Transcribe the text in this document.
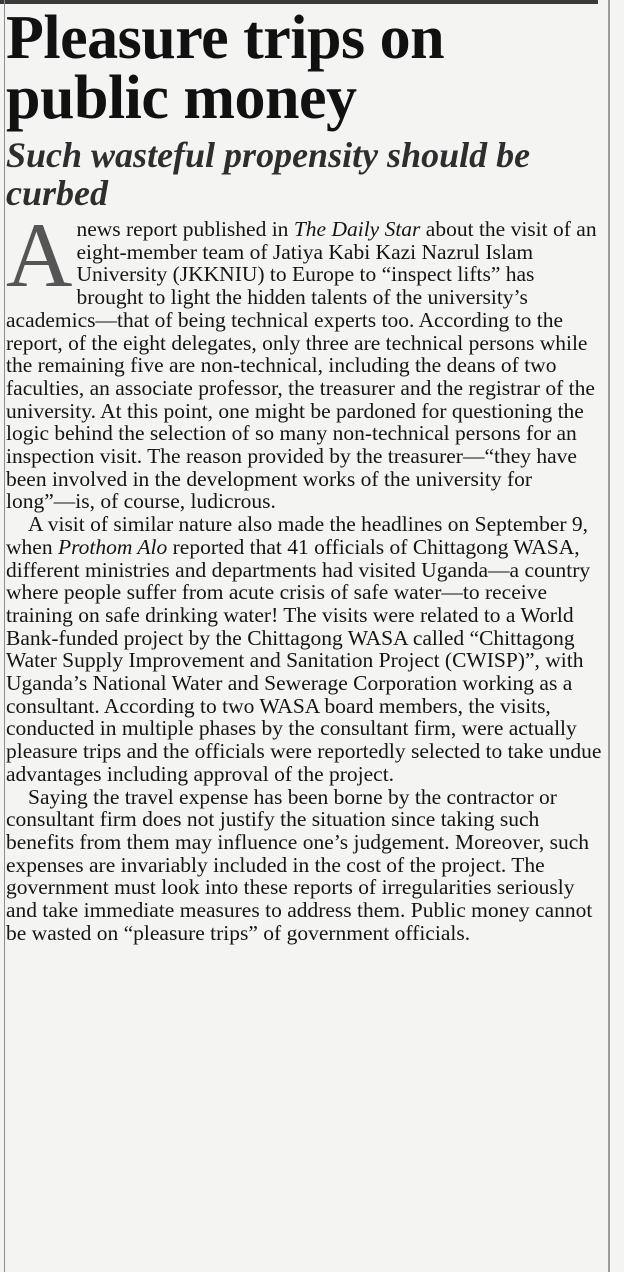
Pleasure trips on public money
Such wasteful propensity should be curbed

A news report published in The Daily Star about the visit of an eight-member team of Jatiya Kabi Kazi Nazrul Islam University (JKKNIU) to Europe to “inspect lifts” has brought to light the hidden talents of the university’s academics—that of being technical experts too. According to the report, of the eight delegates, only three are technical persons while the remaining five are non-technical, including the deans of two faculties, an associate professor, the treasurer and the registrar of the university. At this point, one might be pardoned for questioning the logic behind the selection of so many non-technical persons for an inspection visit. The reason provided by the treasurer—“they have been involved in the development works of the university for long”—is, of course, ludicrous.

A visit of similar nature also made the headlines on September 9, when Prothom Alo reported that 41 officials of Chittagong WASA, different ministries and departments had visited Uganda—a country where people suffer from acute crisis of safe water—to receive training on safe drinking water! The visits were related to a World Bank-funded project by the Chittagong WASA called “Chittagong Water Supply Improvement and Sanitation Project (CWISP)”, with Uganda’s National Water and Sewerage Corporation working as a consultant. According to two WASA board members, the visits, conducted in multiple phases by the consultant firm, were actually pleasure trips and the officials were reportedly selected to take undue advantages including approval of the project.

Saying the travel expense has been borne by the contractor or consultant firm does not justify the situation since taking such benefits from them may influence one’s judgement. Moreover, such expenses are invariably included in the cost of the project. The government must look into these reports of irregularities seriously and take immediate measures to address them. Public money cannot be wasted on “pleasure trips” of government officials.
